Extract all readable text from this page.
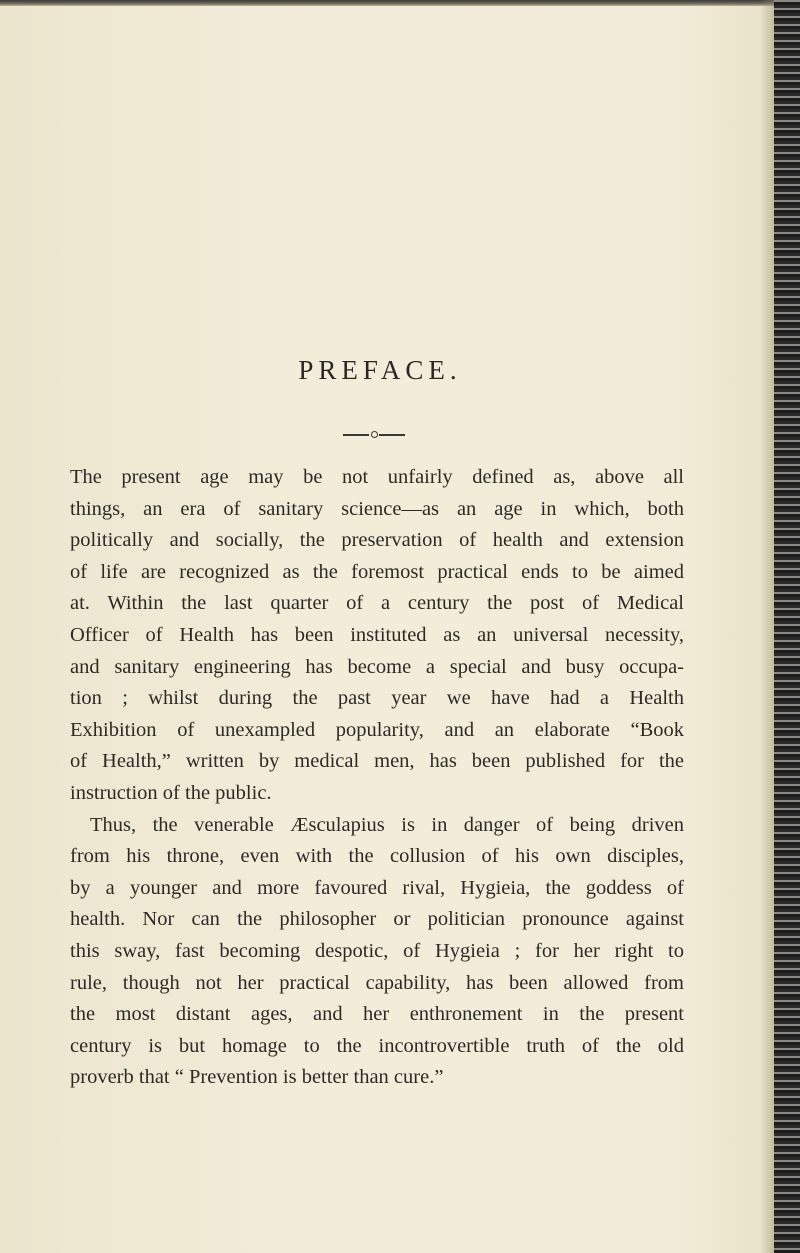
PREFACE.
The present age may be not unfairly defined as, above all
things, an era of sanitary science—as an age in which, both
politically and socially, the preservation of health and extension
of life are recognized as the foremost practical ends to be aimed
at. Within the last quarter of a century the post of Medical
Officer of Health has been instituted as an universal necessity,
and sanitary engineering has become a special and busy occupa-
tion ; whilst during the past year we have had a Health
Exhibition of unexampled popularity, and an elaborate “Book
of Health,” written by medical men, has been published for the
instruction of the public.
Thus, the venerable Æsculapius is in danger of being driven
from his throne, even with the collusion of his own disciples,
by a younger and more favoured rival, Hygieia, the goddess of
health. Nor can the philosopher or politician pronounce against
this sway, fast becoming despotic, of Hygieia ; for her right to
rule, though not her practical capability, has been allowed from
the most distant ages, and her enthronement in the present
century is but homage to the incontrovertible truth of the old
proverb that “ Prevention is better than cure.”
